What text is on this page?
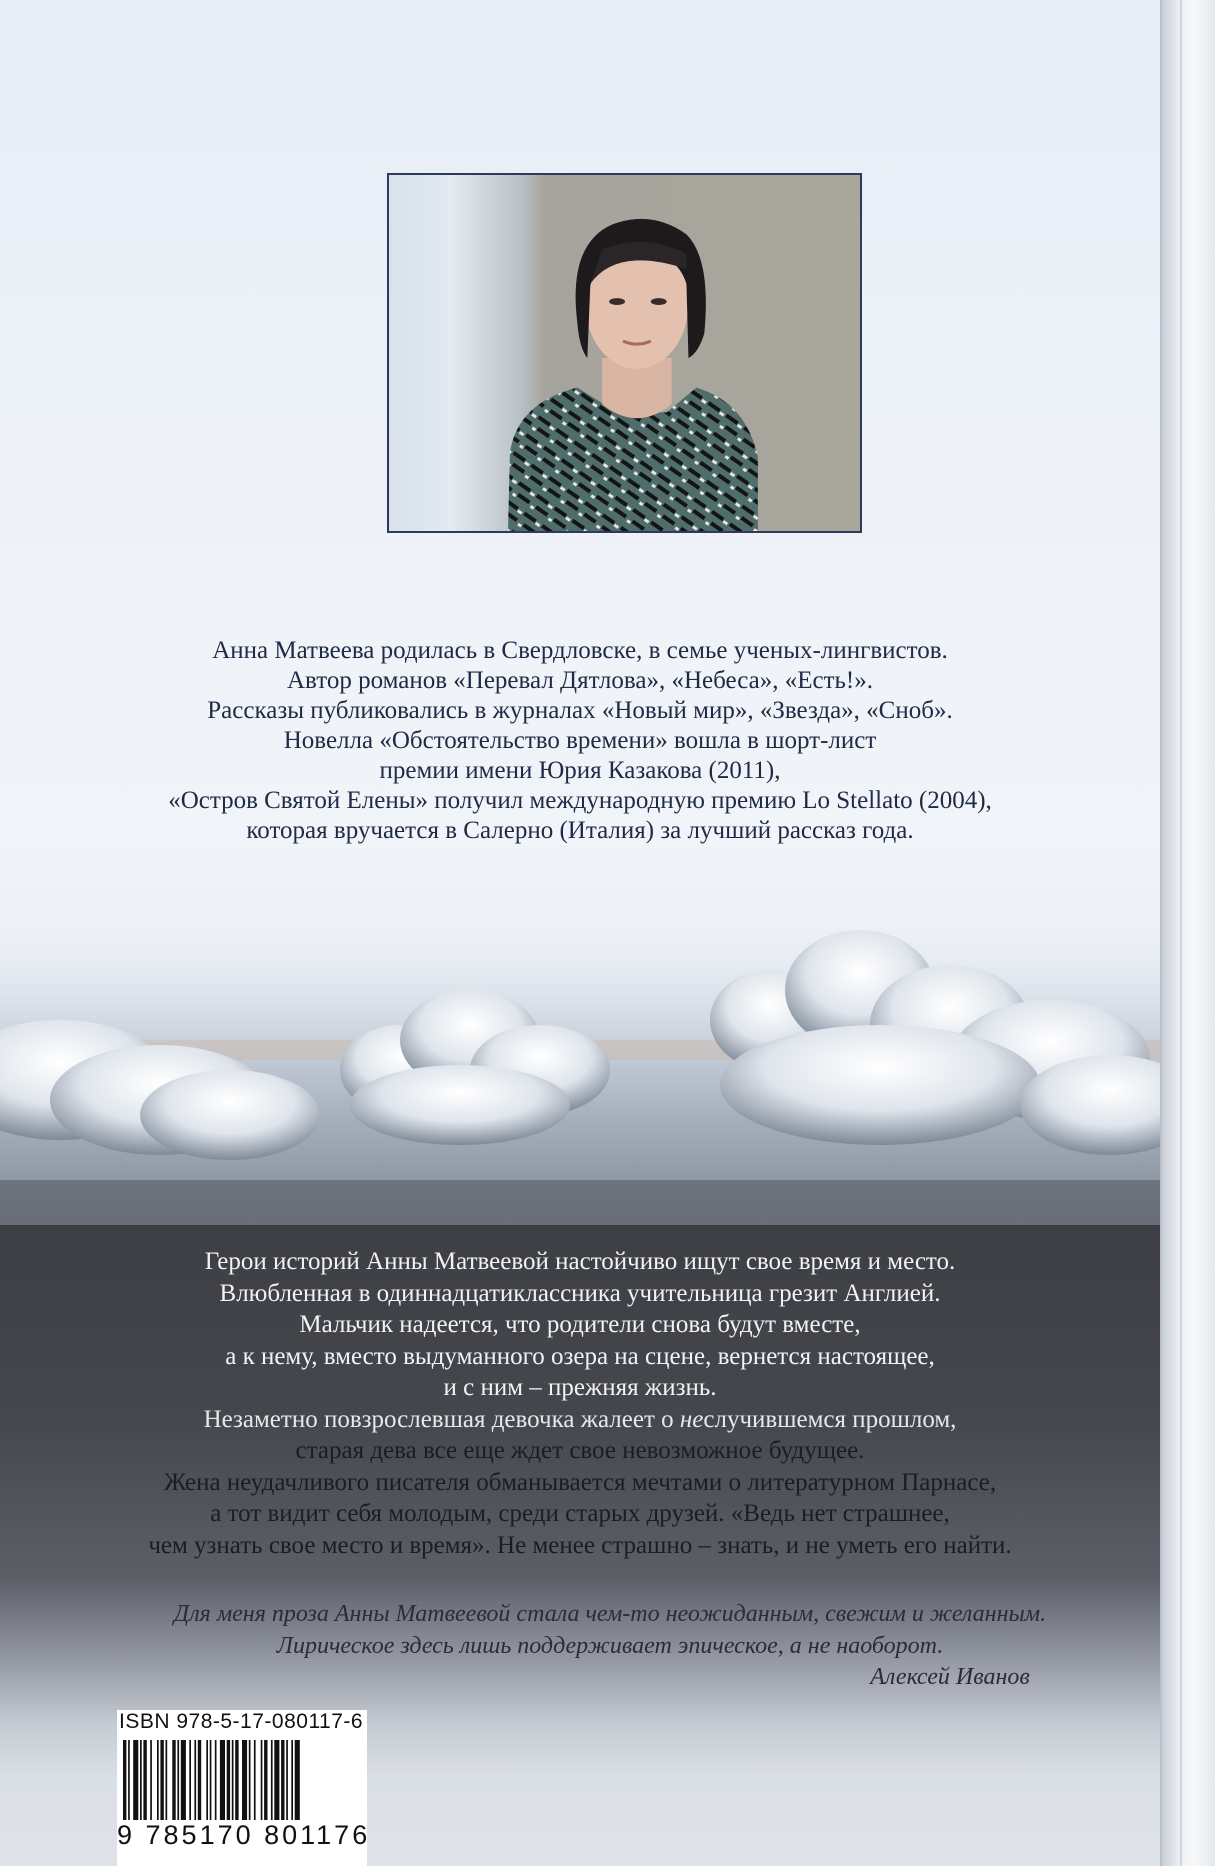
Анна Матвеева родилась в Свердловске, в семье ученых-лингвистов.

Автор романов «Перевал Дятлова», «Небеса», «Есть!».

Рассказы публиковались в журналах «Новый мир», «Звезда», «Сноб».

Новелла «Обстоятельство времени» вошла в шорт-лист

премии имени Юрия Казакова (2011),

«Остров Святой Елены» получил международную премию Lo Stellato (2004),

которая вручается в Салерно (Италия) за лучший рассказ года.

Герои историй Анны Матвеевой настойчиво ищут свое время и место.

Влюбленная в одиннадцатиклассника учительница грезит Англией.

Мальчик надеется, что родители снова будут вместе,

а к нему, вместо выдуманного озера на сцене, вернется настоящее,

и с ним – прежняя жизнь.

Незаметно повзрослевшая девочка жалеет о неслучившемся прошлом,

старая дева все еще ждет свое невозможное будущее.

Жена неудачливого писателя обманывается мечтами о литературном Парнасе,

а тот видит себя молодым, среди старых друзей. «Ведь нет страшнее,

чем узнать свое место и время». Не менее страшно – знать, и не уметь его найти.

Для меня проза Анны Матвеевой стала чем-то неожиданным, свежим и желанным.

Лирическое здесь лишь поддерживает эпическое, а не наоборот.

Алексей Иванов
ISBN 978-5-17-080117-6
9 785170 801176
